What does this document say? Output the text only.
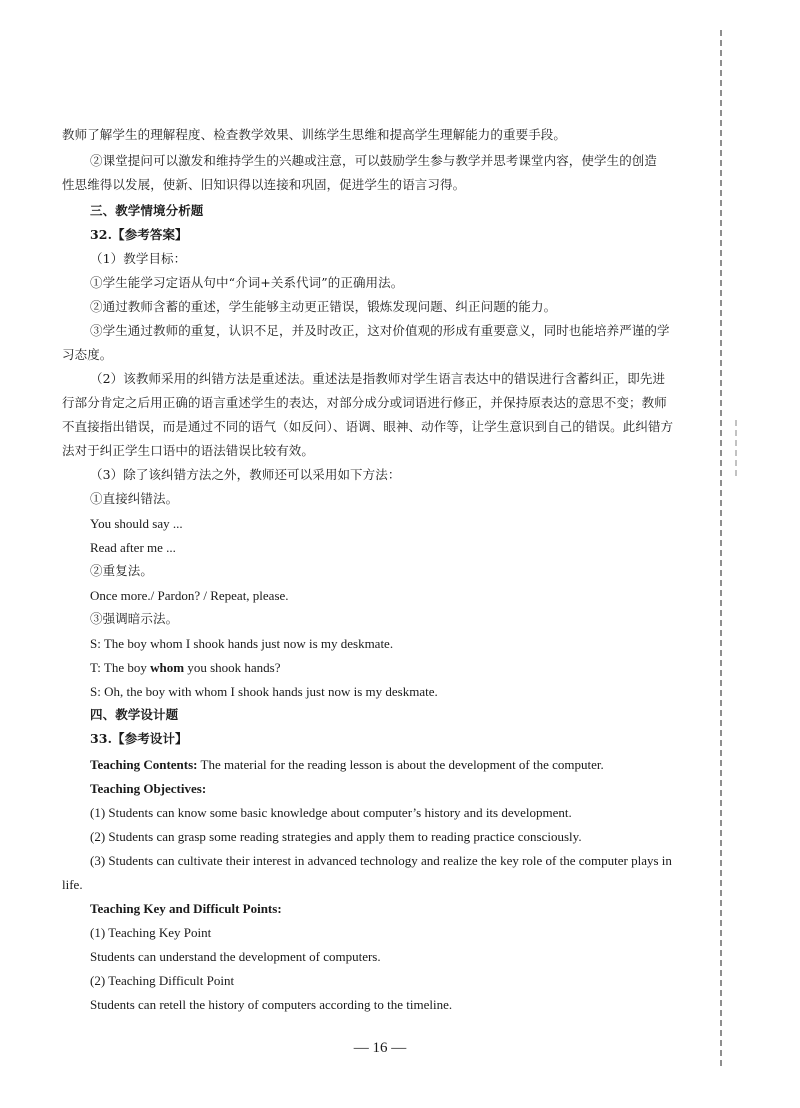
教师了解学生的理解程度、检查教学效果、训练学生思维和提高学生理解能力的重要手段。
②课堂提问可以激发和维持学生的兴趣或注意，可以鼓励学生参与教学并思考课堂内容，使学生的创造
性思维得以发展，使新、旧知识得以连接和巩固，促进学生的语言习得。
三、教学情境分析题
32.【参考答案】
（1）教学目标：
①学生能学习定语从句中“介词+关系代词”的正确用法。
②通过教师含蓄的重述，学生能够主动更正错误，锻炼发现问题、纠正问题的能力。
③学生通过教师的重复，认识不足，并及时改正，这对价值观的形成有重要意义，同时也能培养严谨的学
习态度。
（2）该教师采用的纠错方法是重述法。重述法是指教师对学生语言表达中的错误进行含蓄纠正，即先进
行部分肯定之后用正确的语言重述学生的表达，对部分成分或词语进行修正，并保持原表达的意思不变；教师
不直接指出错误，而是通过不同的语气（如反问）、语调、眼神、动作等，让学生意识到自己的错误。此纠错方
法对于纠正学生口语中的语法错误比较有效。
（3）除了该纠错方法之外，教师还可以采用如下方法：
①直接纠错法。
You should say ...
Read after me ...
②重复法。
Once more./ Pardon? / Repeat, please.
③强调暗示法。
S: The boy whom I shook hands just now is my deskmate.
T: The boy whom you shook hands?
S: Oh, the boy with whom I shook hands just now is my deskmate.
四、教学设计题
33.【参考设计】
Teaching Contents: The material for the reading lesson is about the development of the computer.
Teaching Objectives:
(1) Students can know some basic knowledge about computer’s history and its development.
(2) Students can grasp some reading strategies and apply them to reading practice consciously.
(3) Students can cultivate their interest in advanced technology and realize the key role of the computer plays in
life.
Teaching Key and Difficult Points:
(1) Teaching Key Point
Students can understand the development of computers.
(2) Teaching Difficult Point
Students can retell the history of computers according to the timeline.
— 16 —
